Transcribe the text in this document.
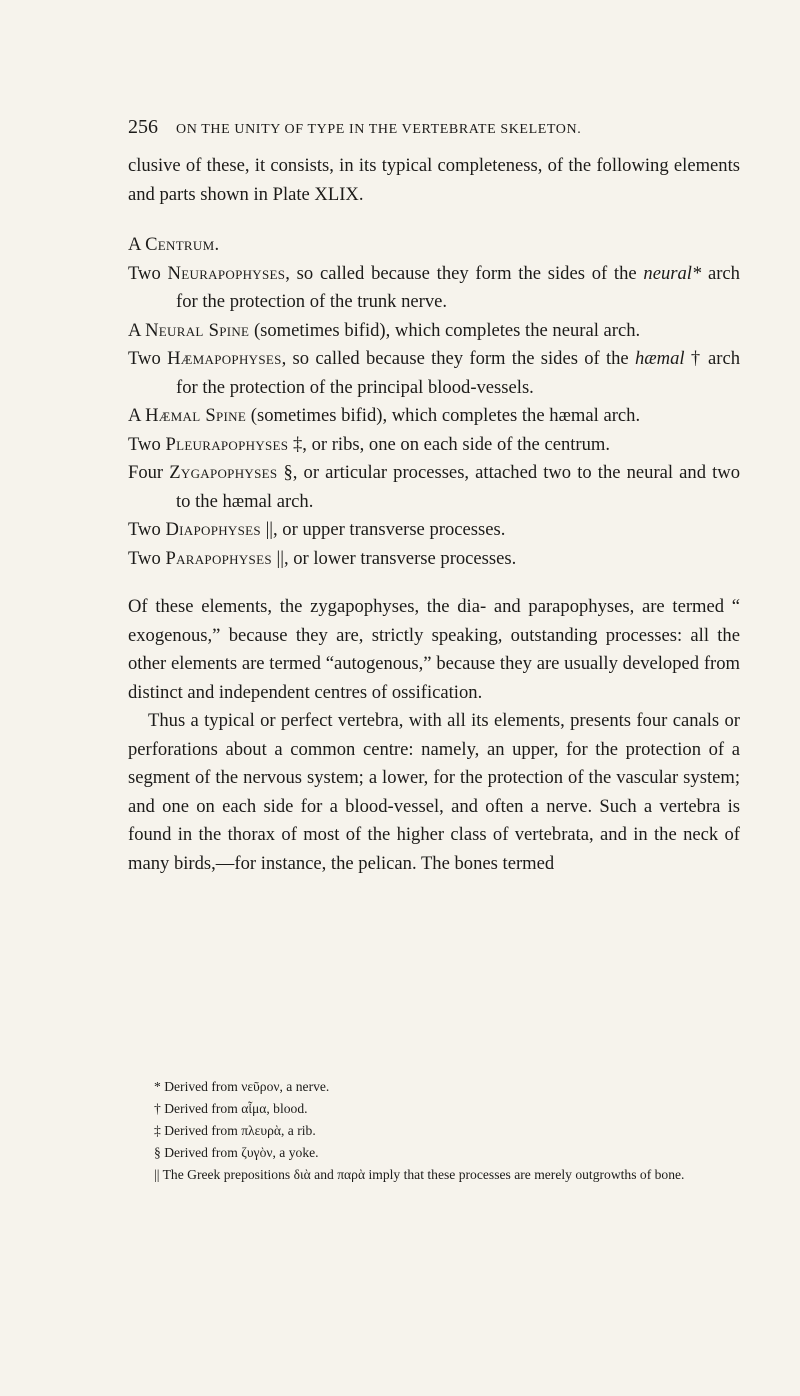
256 ON THE UNITY OF TYPE IN THE VERTEBRATE SKELETON.

clusive of these, it consists, in its typical completeness, of the following elements and parts shown in Plate XLIX.

A Centrum.

Two Neurapophyses, so called because they form the sides of the neural* arch for the protection of the trunk nerve.

A Neural Spine (sometimes bifid), which completes the neural arch.

Two Hæmapophyses, so called because they form the sides of the hæmal † arch for the protection of the principal blood-vessels.

A Hæmal Spine (sometimes bifid), which completes the hæmal arch.

Two Pleurapophyses ‡, or ribs, one on each side of the centrum.

Four Zygapophyses §, or articular processes, attached two to the neural and two to the hæmal arch.

Two Diapophyses ||, or upper transverse processes.

Two Parapophyses ||, or lower transverse processes.

Of these elements, the zygapophyses, the dia- and parapophyses, are termed “ exogenous,” because they are, strictly speaking, outstanding processes: all the other elements are termed “autogenous,” because they are usually developed from distinct and independent centres of ossification.

Thus a typical or perfect vertebra, with all its elements, presents four canals or perforations about a common centre: namely, an upper, for the protection of a segment of the nervous system; a lower, for the protection of the vascular system; and one on each side for a blood-vessel, and often a nerve. Such a vertebra is found in the thorax of most of the higher class of vertebrata, and in the neck of many birds,—for instance, the pelican. The bones termed

* Derived from νεῦρον, a nerve.

† Derived from αἷμα, blood.

‡ Derived from πλευρὰ, a rib.

§ Derived from ζυγὸν, a yoke.

|| The Greek prepositions διὰ and παρὰ imply that these processes are merely outgrowths of bone.
